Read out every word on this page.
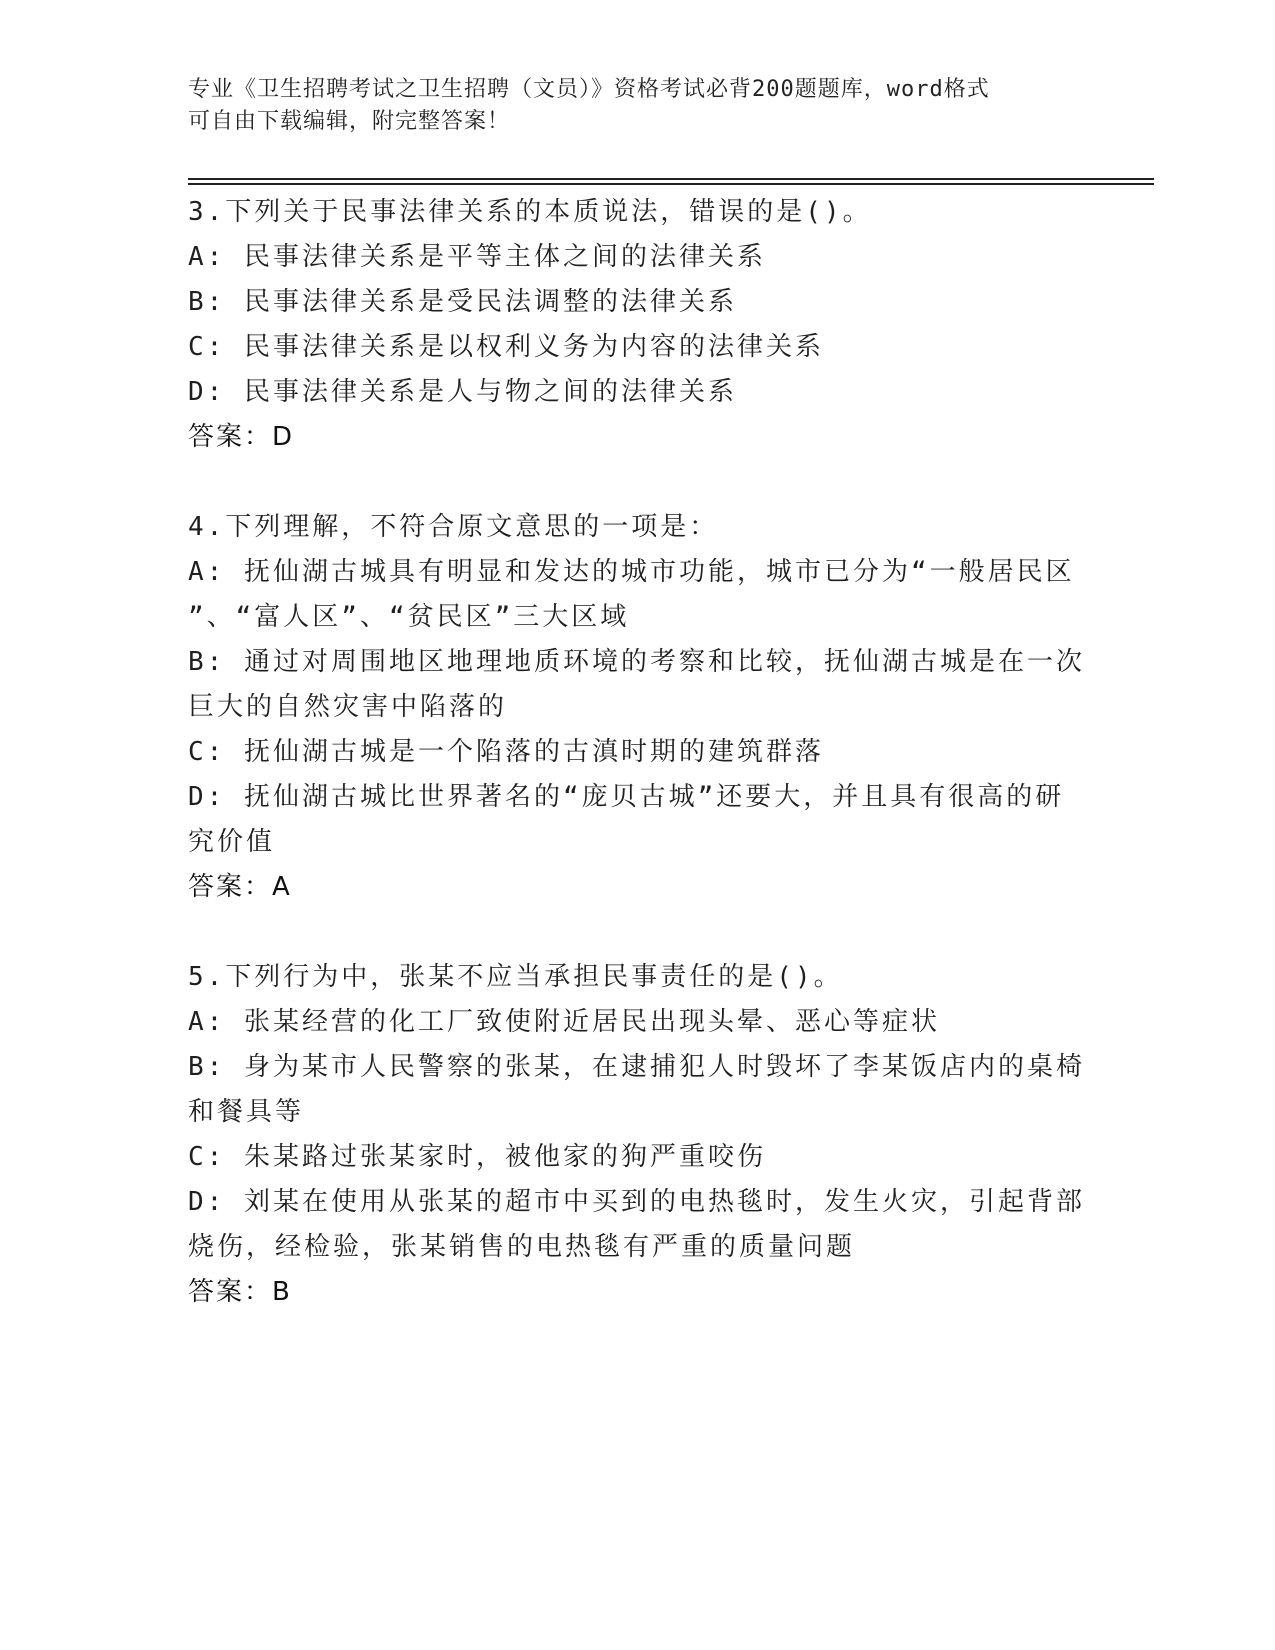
专业《卫生招聘考试之卫生招聘（文员）》资格考试必背200题题库，word格式

可自由下载编辑，附完整答案！

3.下列关于民事法律关系的本质说法，错误的是()。

A: 民事法律关系是平等主体之间的法律关系

B: 民事法律关系是受民法调整的法律关系

C: 民事法律关系是以权利义务为内容的法律关系

D: 民事法律关系是人与物之间的法律关系

答案：D

4.下列理解，不符合原文意思的一项是：

A: 抚仙湖古城具有明显和发达的城市功能，城市已分为“一般居民区

”、“富人区”、“贫民区”三大区域

B: 通过对周围地区地理地质环境的考察和比较，抚仙湖古城是在一次

巨大的自然灾害中陷落的

C: 抚仙湖古城是一个陷落的古滇时期的建筑群落

D: 抚仙湖古城比世界著名的“庞贝古城”还要大，并且具有很高的研

究价值

答案：A

5.下列行为中，张某不应当承担民事责任的是()。

A: 张某经营的化工厂致使附近居民出现头晕、恶心等症状

B: 身为某市人民警察的张某，在逮捕犯人时毁坏了李某饭店内的桌椅

和餐具等

C: 朱某路过张某家时，被他家的狗严重咬伤

D: 刘某在使用从张某的超市中买到的电热毯时，发生火灾，引起背部

烧伤，经检验，张某销售的电热毯有严重的质量问题

答案：B
